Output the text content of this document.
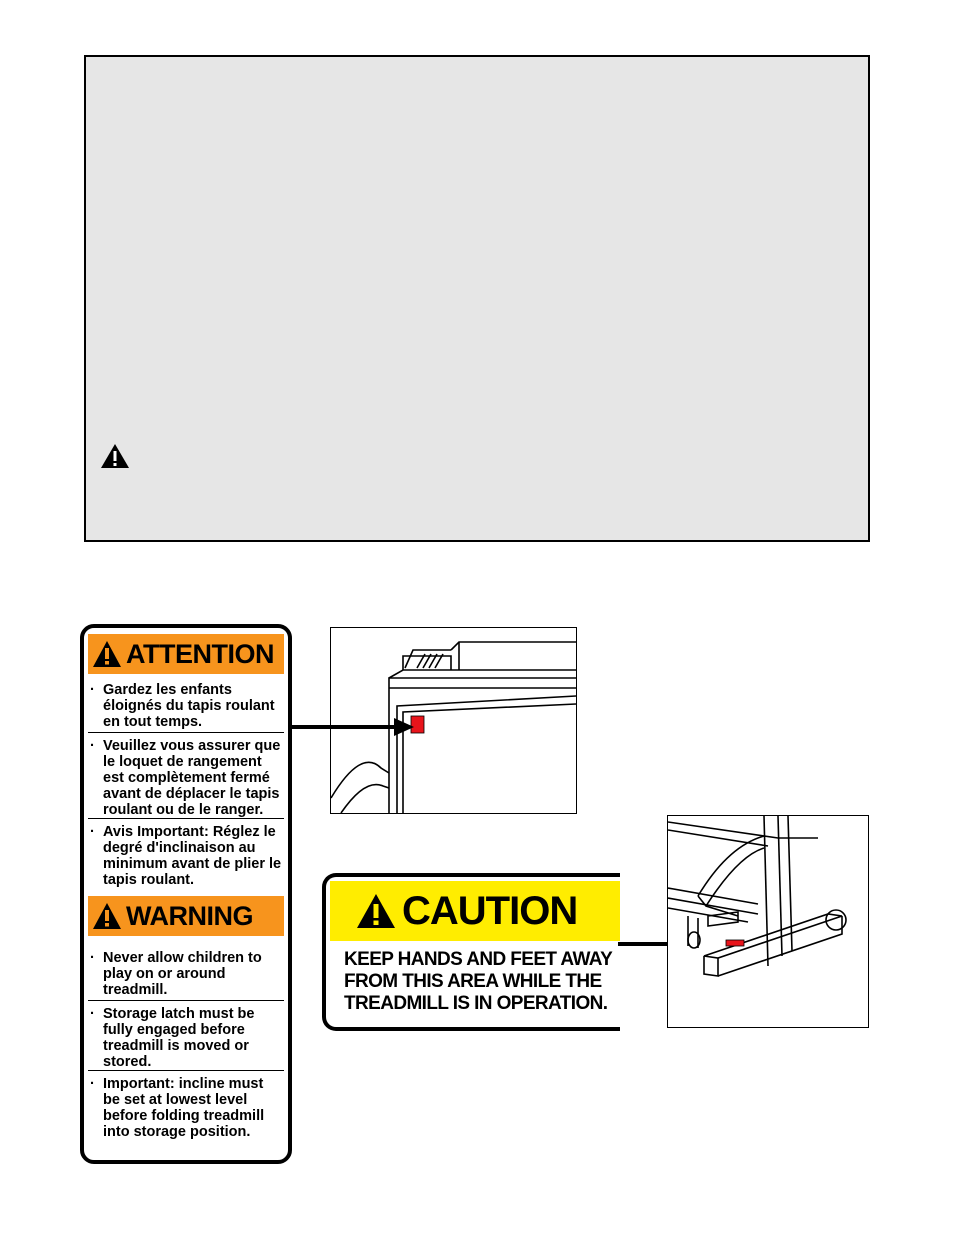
ATTENTION
· Gardez les enfants éloignés du tapis roulant en tout temps.
· Veuillez vous assurer que le loquet de rangement est complètement fermé avant de déplacer le tapis roulant ou de le ranger.
· Avis Important: Réglez le degré d'inclinaison au minimum avant de plier le tapis roulant.
WARNING
· Never allow children to play on or around treadmill.
· Storage latch must be fully engaged before treadmill is moved or stored.
· Important: incline must be set at lowest level before folding treadmill into storage position.
CAUTION
KEEP HANDS AND FEET AWAY FROM THIS AREA WHILE THE TREADMILL IS IN OPERATION.
